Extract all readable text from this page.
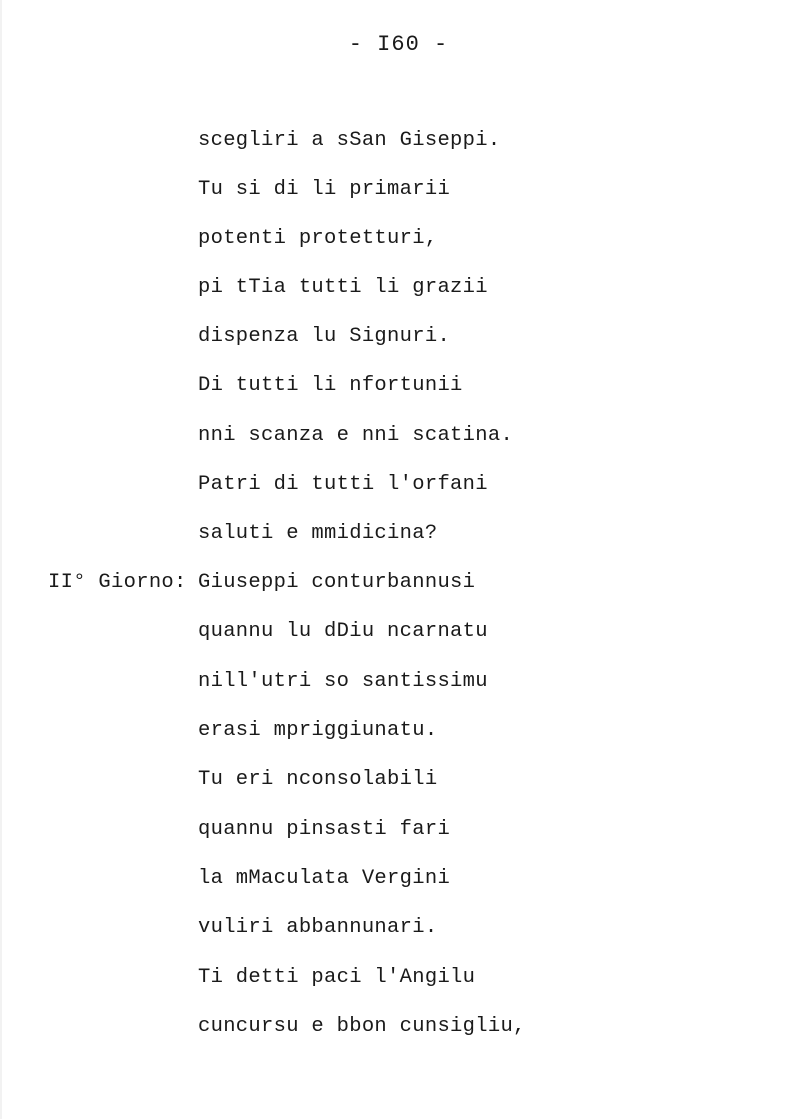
- I60 -
II° Giorno:
scegliri a sSan Giseppi.
Tu si di li primarii
potenti protetturi,
pi tTia tutti li grazii
dispenza lu Signuri.
Di tutti li nfortunii
nni scanza e nni scatina.
Patri di tutti l'orfani
saluti e mmidicina?
Giuseppi conturbannusi
quannu lu dDiu ncarnatu
nill'utri so santissimu
erasi mpriggiunatu.
Tu eri nconsolabili
quannu pinsasti fari
la mMaculata Vergini
vuliri abbannunari.
Ti detti paci l'Angilu
cuncursu e bbon cunsigliu,
